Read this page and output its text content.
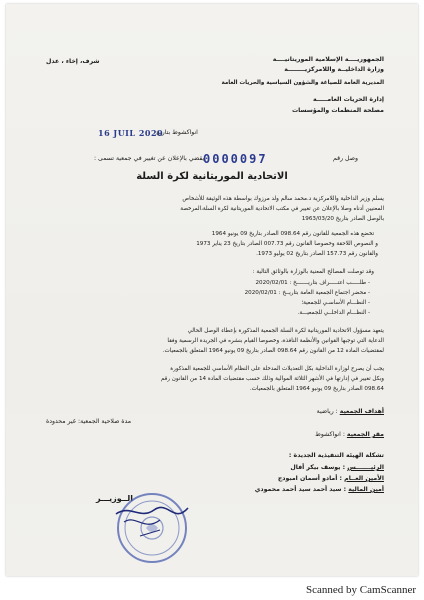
الجمهوريــــة الإسلامية الموريتانيــــة
وزارة الداخليــة واللامركزيــــــــة
المديرية العامة للصياغة والشؤون السياسية والحريات العامة
إدارة الحريات العامـــــة
مصلحة المنظمات والمؤسسات
شرف، إخاء ، عدل
انواكشوط بتاريخ
16 JUIL 2020
وصل رقم
0000097
يقضي بالإعلان عن تغيير في جمعية تسمى :
الاتحادية الموريتانية لكرة السلة
يسلم وزير الداخلية واللامركزية د.محمد سالم ولد مرزوك بواسطة هذه الوثيقة للأشخاص
المعنيين أدناه وصلا بالإعلان عن تغيير في مكتب الاتحادية الموريتانية لكرة السلة،المرخصة
بالوصل الصادر بتاريخ 1963/03/20
تخضع هذه الجمعية للقانون رقم 098.64 الصادر بتاريخ 09 يونيو 1964
و النصوص اللاحقة وخصوصا القانون رقم 007.73 الصادر بتاريخ 23 يناير 1973
والقانون رقم 157.73 الصادر بتاريخ 02 يوليو 1973.
وقد توصلت المصالح المعنية بالوزارة بالوثائق التالية :
- طلـــــب اعتـــــراف بتاريـــــــخ : 2020/02/01
- محضر اجتماع الجمعية العامة بتاريــخ : 2020/02/01
- النظـــام الأساسـي للجمعية؛
- النظـــام الداخلــي للجمعيـــة.
يتعهد مسؤول الاتحادية الموريتانية لكرة السلة الجمعية المذكورة بإعطاء الوصل الحالي
الدعاية التي توجبها القوانين والأنظمة النافذة، وخصوصا القيام بنشره في الجريدة الرسمية وفقا
لمقتضيات المادة 12 من القانون رقم 098.64 الصادر بتاريخ 09 يونيو 1964 المتعلق بالجمعيات.
يجب أن يصرح لوزارة الداخلية بكل التعديلات المدخلة على النظام الأساسي للجمعية المذكورة
وبكل تغيير في إدارتها في الأشهر الثلاثة الموالية وذلك حسب مقتضيات المادة 14 من القانون رقم
098.64 الصادر بتاريخ 09 يونيو 1964 المتعلق بالجمعيات.
أهداف الجمعية : رياضية
مدة صلاحية الجمعية: غير محدودة
مقر الجمعية : انواكشوط
تشكلة الهيئة التنفيذية الجديدة :
الرئيـــــــس : يوسف بيكر أفال
الأمين العــام : أمادو أسمان امبودج
أمين المالية : سيد أحمد سيد أحمد محمودي
الــوزيـــر
Scanned by CamScanner
